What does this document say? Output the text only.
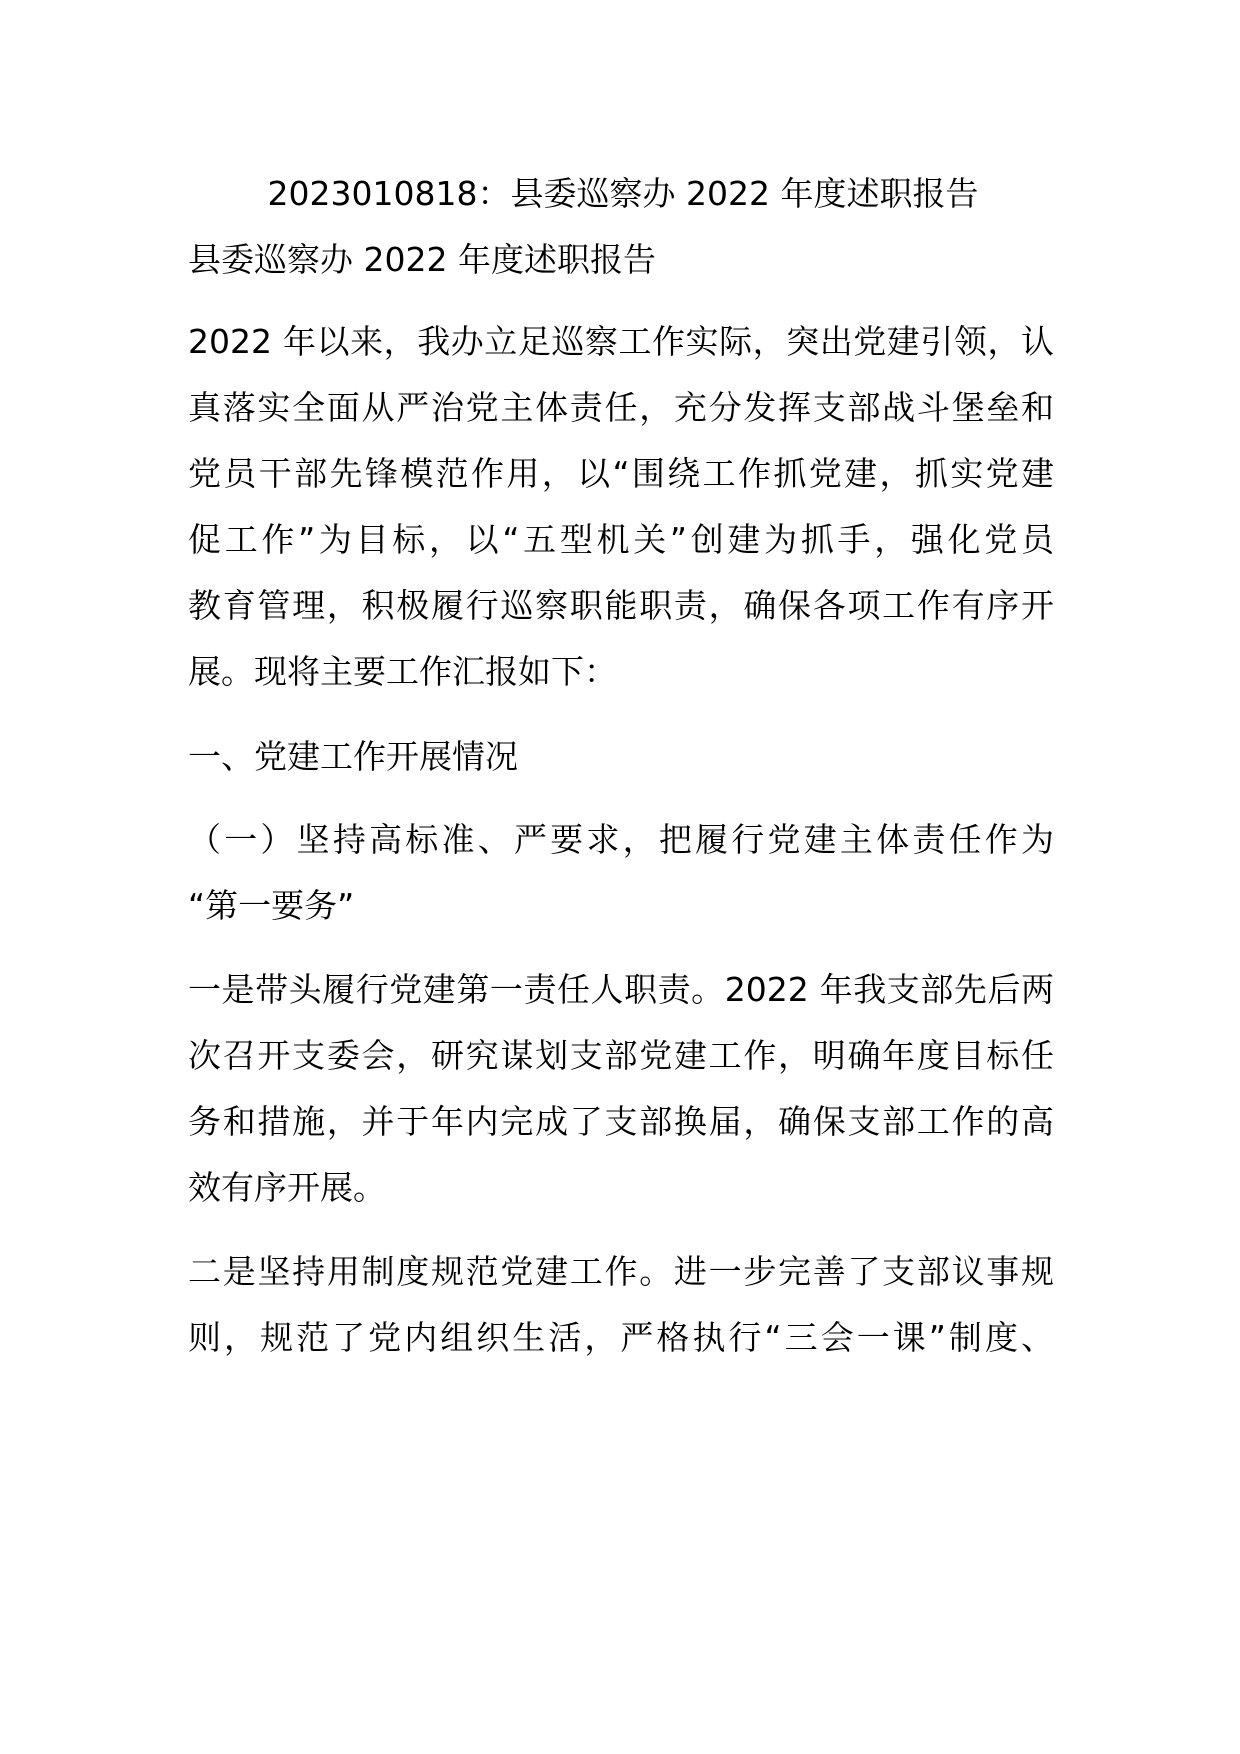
2023010818：县委巡察办 2022 年度述职报告
县委巡察办 2022 年度述职报告
2022 年以来，我办立足巡察工作实际，突出党建引领，认
真落实全面从严治党主体责任，充分发挥支部战斗堡垒和
党员干部先锋模范作用，以“围绕工作抓党建，抓实党建
促工作”为目标，以“五型机关”创建为抓手，强化党员
教育管理，积极履行巡察职能职责，确保各项工作有序开
展。现将主要工作汇报如下：
一、党建工作开展情况
（一）坚持高标准、严要求，把履行党建主体责任作为
“第一要务”
一是带头履行党建第一责任人职责。2022 年我支部先后两
次召开支委会，研究谋划支部党建工作，明确年度目标任
务和措施，并于年内完成了支部换届，确保支部工作的高
效有序开展。
二是坚持用制度规范党建工作。进一步完善了支部议事规
则，规范了党内组织生活，严格执行“三会一课”制度、
